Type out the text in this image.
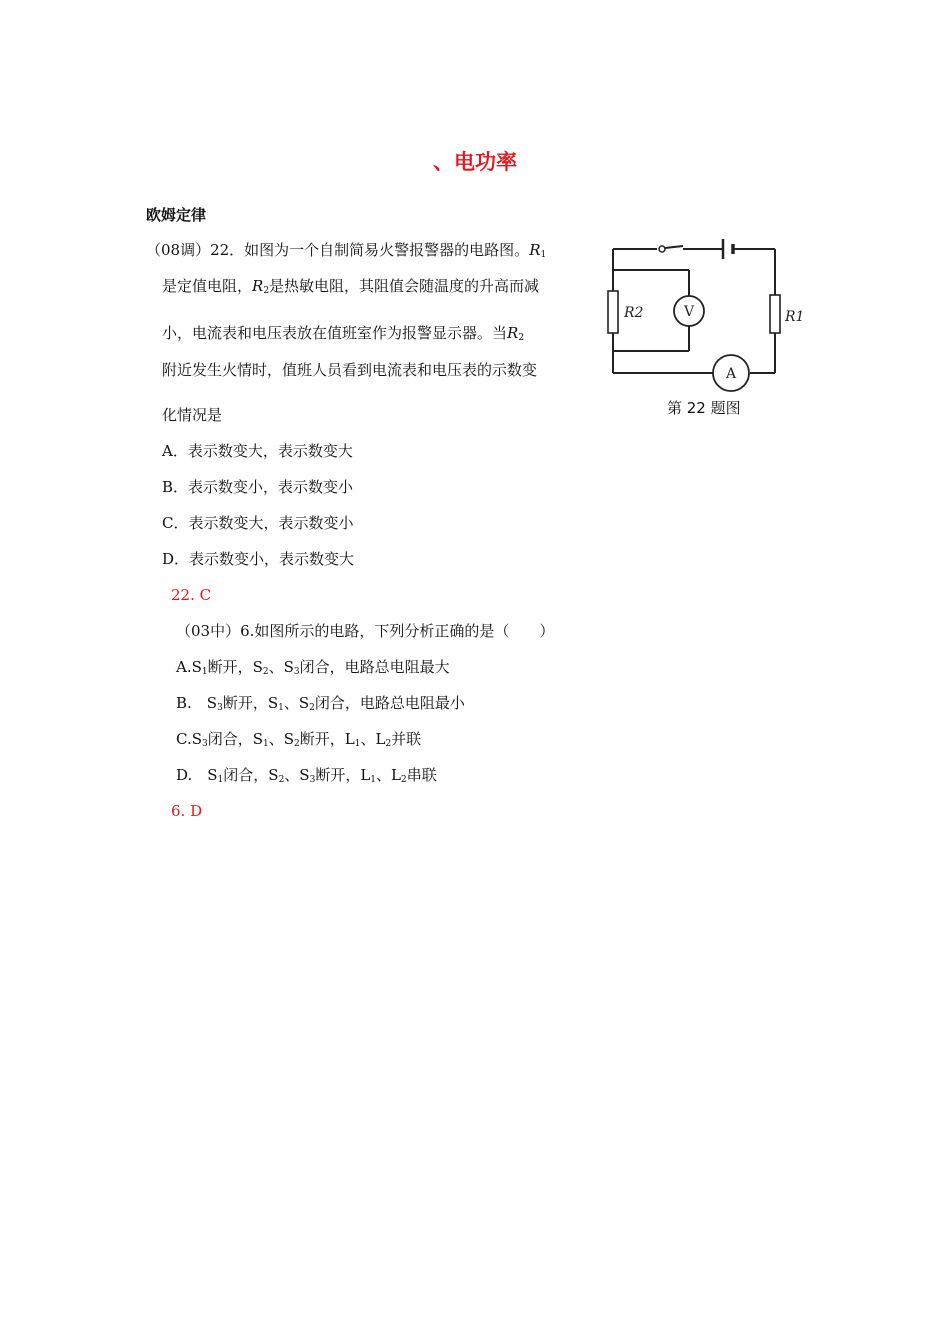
、电功率
欧姆定律
（08调）22．如图为一个自制简易火警报警器的电路图。$R_1$
是定值电阻，$R_2$是热敏电阻，其阻值会随温度的升高而减
小，电流表和电压表放在值班室作为报警显示器。当$R_2$
附近发生火情时，值班人员看到电流表和电压表的示数变
化情况是
A．表示数变大，表示数变大
B．表示数变小，表示数变小
C．表示数变大，表示数变小
D．表示数变小，表示数变大
22. C
R2	R1
V
A
第 22 题图
（03中）6.如图所示的电路，下列分析正确的是（　　）
$A.S_1$断开，$S_2$、$S_3$闭合，电路总电阻最大
B.　$S_3$断开，$S_1$、$S_2$闭合，电路总电阻最小
$C.S_3$闭合，$S_1$、$S_2$断开，$L_1$、$L_2$并联
D.　$S_1$闭合，$S_2$、$S_3$断开，$L_1$、$L_2$串联
6. D
